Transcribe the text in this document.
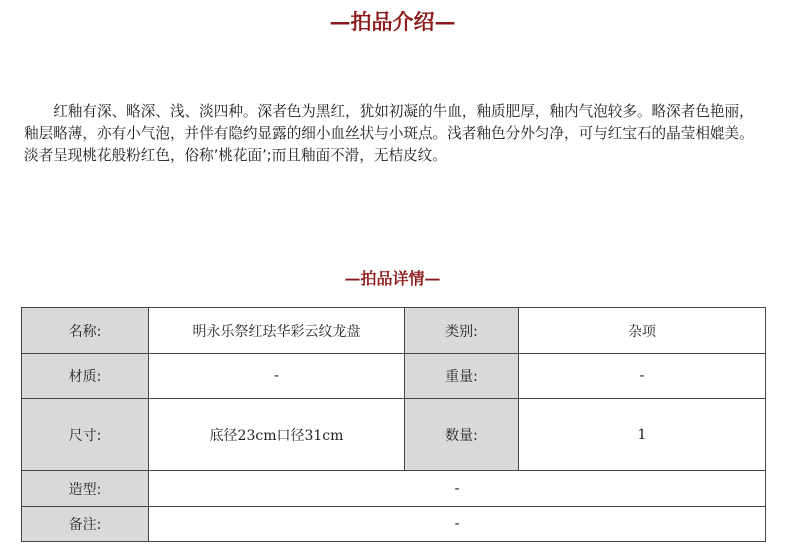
—拍品介绍—

红釉有深、略深、浅、淡四种。深者色为黑红，犹如初凝的牛血，釉质肥厚，釉内气泡较多。略深者色艳丽，釉层略薄，亦有小气泡，并伴有隐约显露的细小血丝状与小斑点。浅者釉色分外匀净，可与红宝石的晶莹相媲美。淡者呈现桃花般粉红色，俗称’桃花面’;而且釉面不滑，无桔皮纹。

—拍品详情—
名称:	明永乐祭红珐华彩云纹龙盘	类别:	杂项
材质:	-	重量:	-
尺寸:	底径23cm口径31cm	数量:	1
造型:	-		
备注:	-		
